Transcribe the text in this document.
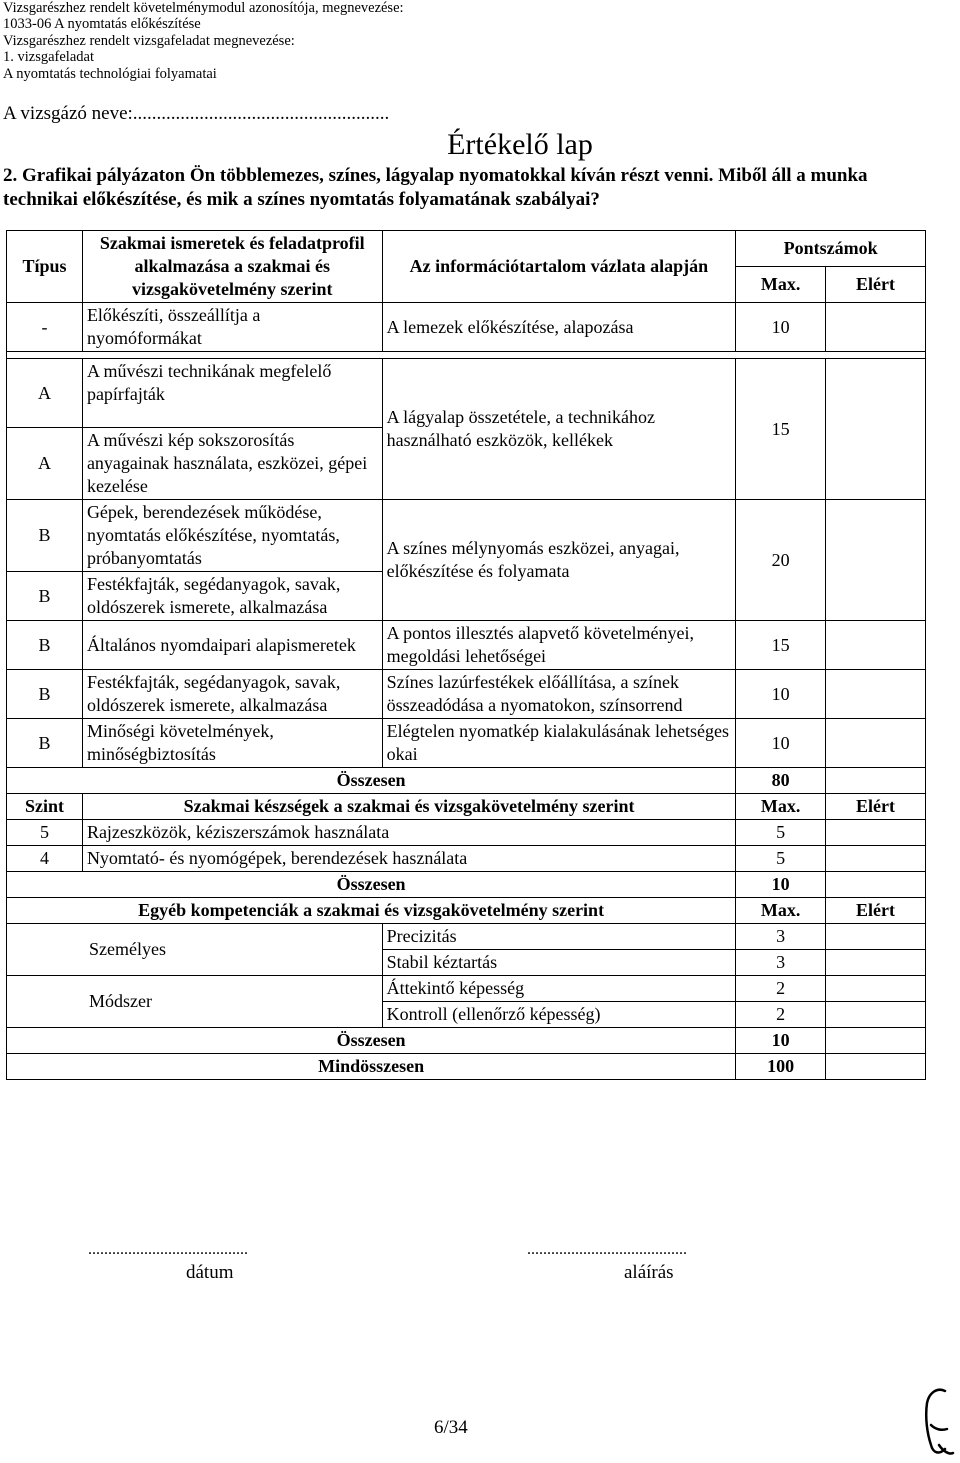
Vizsgarészhez rendelt követelménymodul azonosítója, megnevezése:
1033-06 A nyomtatás előkészítése
Vizsgarészhez rendelt vizsgafeladat megnevezése:
1. vizsgafeladat
A nyomtatás technológiai folyamatai
A vizsgázó neve:......................................................
Értékelő lap
2. Grafikai pályázaton Ön többlemezes, színes, lágyalap nyomatokkal kíván részt venni. Miből áll a munka technikai előkészítése, és mik a színes nyomtatás folyamatának szabályai?
Típus	Szakmai ismeretek és feladatprofil alkalmazása a szakmai és vizsgakövetelmény szerint	Az információtartalom vázlata alapján	Pontszámok	
			Max.	Elért
-	Előkészíti, összeállítja a nyomóformákat	A lemezek előkészítése, alapozása	10	

A	A művészi technikának megfelelő papírfajták	A lágyalap összetétele, a technikához használható eszközök, kellékek	15	
A	A művészi kép sokszorosítás anyagainak használata, eszközei, gépei kezelése			
B	Gépek, berendezések működése, nyomtatás előkészítése, nyomtatás, próbanyomtatás	A színes mélynyomás eszközei, anyagai, előkészítése és folyamata	20	
B	Festékfajták, segédanyagok, savak, oldószerek ismerete, alkalmazása			
B	Általános nyomdaipari alapismeretek	A pontos illesztés alapvető követelményei, megoldási lehetőségei	15	
B	Festékfajták, segédanyagok, savak, oldószerek ismerete, alkalmazása	Színes lazúrfestékek előállítása, a színek összeadódása a nyomatokon, színsorrend	10	
B	Minőségi követelmények, minőségbiztosítás	Elégtelen nyomatkép kialakulásának lehetséges okai	10	
Összesen			80	
Szint	Szakmai készségek a szakmai és vizsgakövetelmény szerint		Max.	Elért
5	Rajzeszközök, kéziszerszámok használata		5	
4	Nyomtató- és nyomógépek, berendezések használata		5	
Összesen			10	
Egyéb kompetenciák a szakmai és vizsgakövetelmény szerint			Max.	Elért
Személyes		Precizitás	3	
		Stabil kéztartás	3	
Módszer		Áttekintő képesség	2	
		Kontroll (ellenőrző képesség)	2	
Összesen			10	
Mindösszesen			100	
........................................
dátum
........................................
aláírás
6/34
